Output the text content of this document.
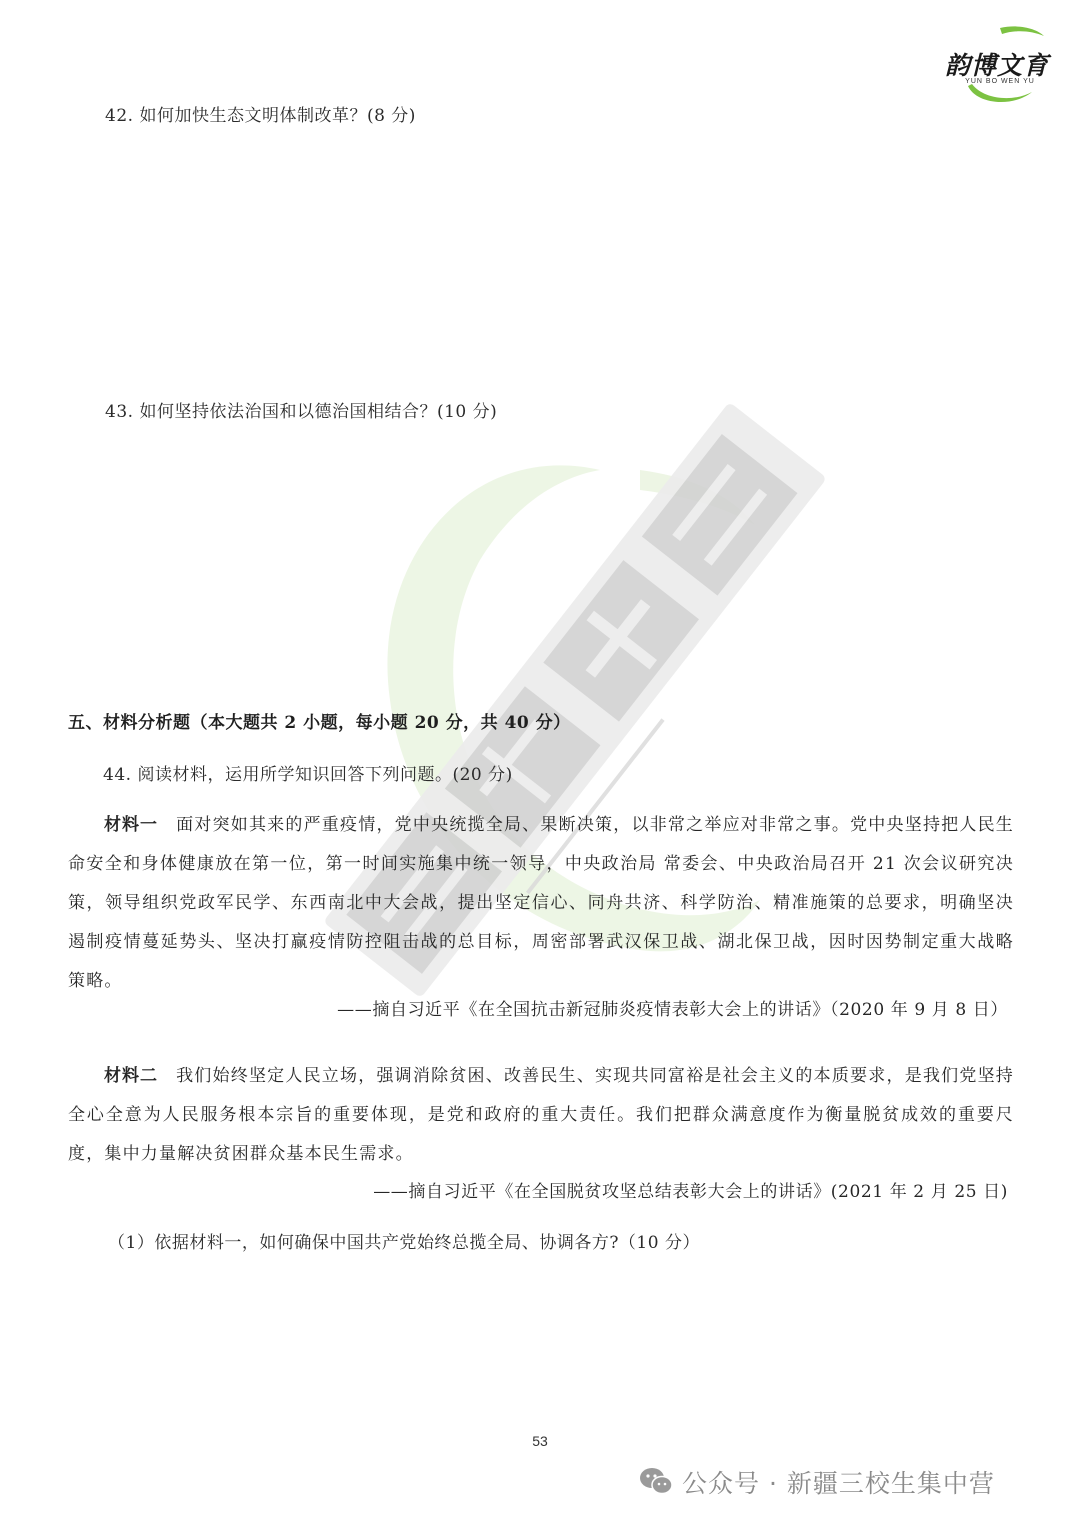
韵博文育
YUN BO WEN YU
42. 如何加快生态文明体制改革？(8 分)
43. 如何坚持依法治国和以德治国相结合？(10 分)
五、材料分析题（本大题共 2 小题，每小题 20 分，共 40 分）
44. 阅读材料，运用所学知识回答下列问题。(20 分)
材料一 面对突如其来的严重疫情，党中央统揽全局、果断决策，以非常之举应对非常之事。党中央坚持把人民生命安全和身体健康放在第一位，第一时间实施集中统一领导，中央政治局 常委会、中央政治局召开 21 次会议研究决策，领导组织党政军民学、东西南北中大会战，提出坚定信心、同舟共济、科学防治、精准施策的总要求，明确坚决遏制疫情蔓延势头、坚决打赢疫情防控阻击战的总目标，周密部署武汉保卫战、湖北保卫战，因时因势制定重大战略策略。
——摘自习近平《在全国抗击新冠肺炎疫情表彰大会上的讲话》（2020 年 9 月 8 日）
材料二 我们始终坚定人民立场，强调消除贫困、改善民生、实现共同富裕是社会主义的本质要求，是我们党坚持全心全意为人民服务根本宗旨的重要体现，是党和政府的重大责任。我们把群众满意度作为衡量脱贫成效的重要尺度，集中力量解决贫困群众基本民生需求。
——摘自习近平《在全国脱贫攻坚总结表彰大会上的讲话》(2021 年 2 月 25 日)
（1）依据材料一，如何确保中国共产党始终总揽全局、协调各方?（10 分）
53
公众号 · 新疆三校生集中营
